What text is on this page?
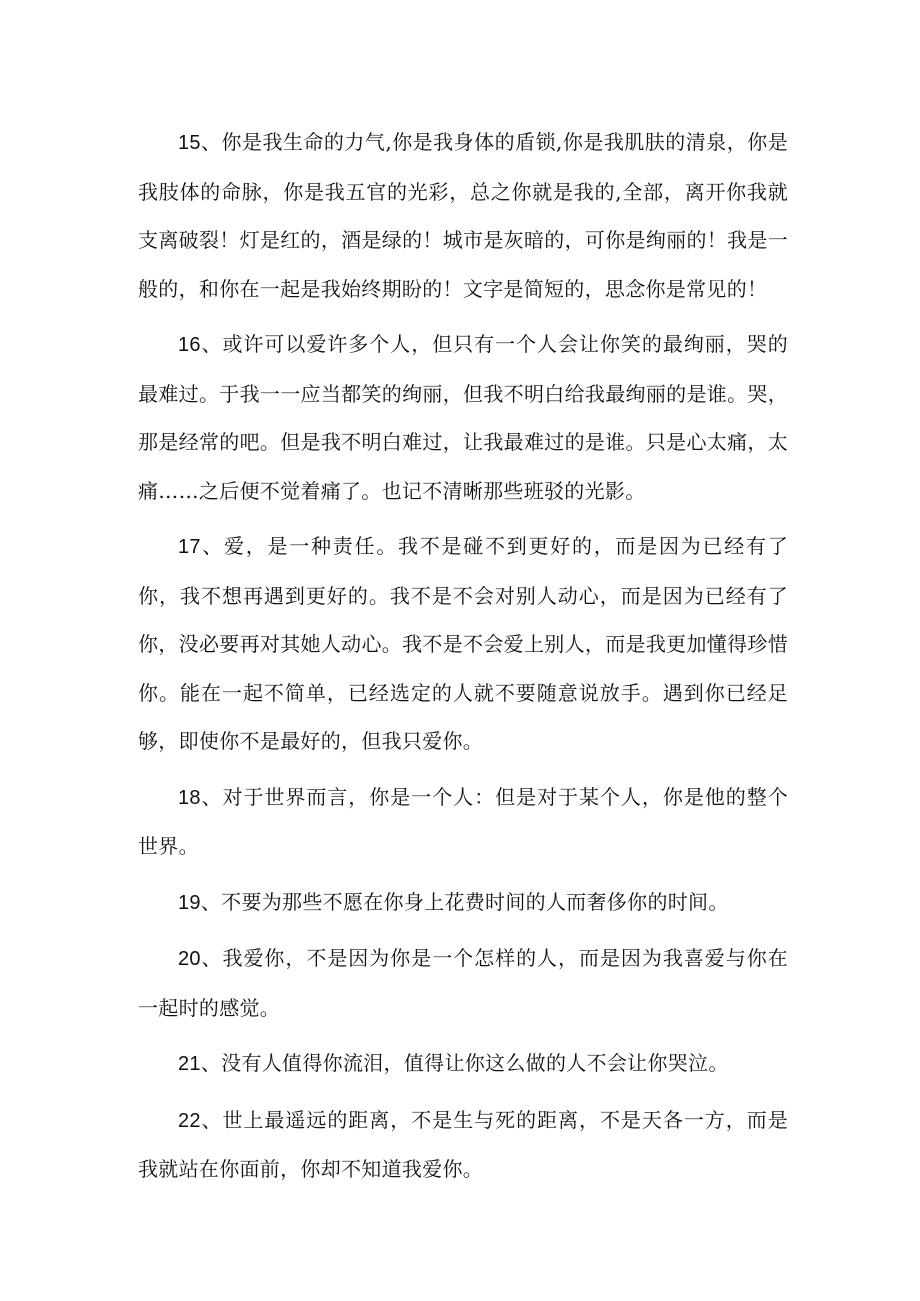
15、你是我生命的力气,你是我身体的盾锁,你是我肌肤的清泉，你是我肢体的命脉，你是我五官的光彩，总之你就是我的,全部，离开你我就支离破裂！灯是红的，酒是绿的！城市是灰暗的，可你是绚丽的！我是一般的，和你在一起是我始终期盼的！文字是简短的，思念你是常见的！

16、或许可以爱许多个人，但只有一个人会让你笑的最绚丽，哭的最难过。于我一一应当都笑的绚丽，但我不明白给我最绚丽的是谁。哭，那是经常的吧。但是我不明白难过，让我最难过的是谁。只是心太痛，太痛……之后便不觉着痛了。也记不清晰那些班驳的光影。

17、爱，是一种责任。我不是碰不到更好的，而是因为已经有了你，我不想再遇到更好的。我不是不会对别人动心，而是因为已经有了你，没必要再对其她人动心。我不是不会爱上别人，而是我更加懂得珍惜你。能在一起不简单，已经选定的人就不要随意说放手。遇到你已经足够，即使你不是最好的，但我只爱你。

18、对于世界而言，你是一个人：但是对于某个人，你是他的整个世界。

19、不要为那些不愿在你身上花费时间的人而奢侈你的时间。

20、我爱你，不是因为你是一个怎样的人，而是因为我喜爱与你在一起时的感觉。

21、没有人值得你流泪，值得让你这么做的人不会让你哭泣。

22、世上最遥远的距离，不是生与死的距离，不是天各一方，而是我就站在你面前，你却不知道我爱你。
